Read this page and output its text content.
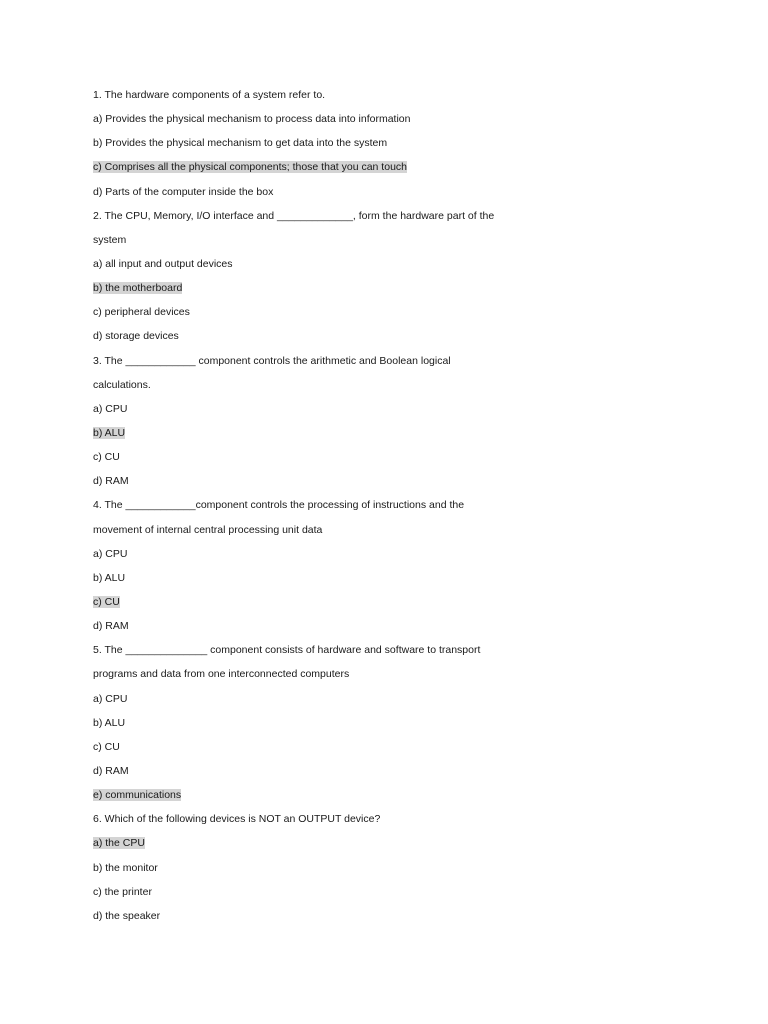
1. The hardware components of a system refer to.
a) Provides the physical mechanism to process data into information
b) Provides the physical mechanism to get data into the system
c) Comprises all the physical components; those that you can touch
d) Parts of the computer inside the box
2. The CPU, Memory, I/O interface and _____________, form the hardware part of the
system
a) all input and output devices
b) the motherboard
c) peripheral devices
d) storage devices
3. The ____________ component controls the arithmetic and Boolean logical
calculations.
a) CPU
b) ALU
c) CU
d) RAM
4. The ____________component controls the processing of instructions and the
movement of internal central processing unit data
a) CPU
b) ALU
c) CU
d) RAM
5. The ______________ component consists of hardware and software to transport
programs and data from one interconnected computers
a) CPU
b) ALU
c) CU
d) RAM
e) communications
6. Which of the following devices is NOT an OUTPUT device?
a) the CPU
b) the monitor
c) the printer
d) the speaker
